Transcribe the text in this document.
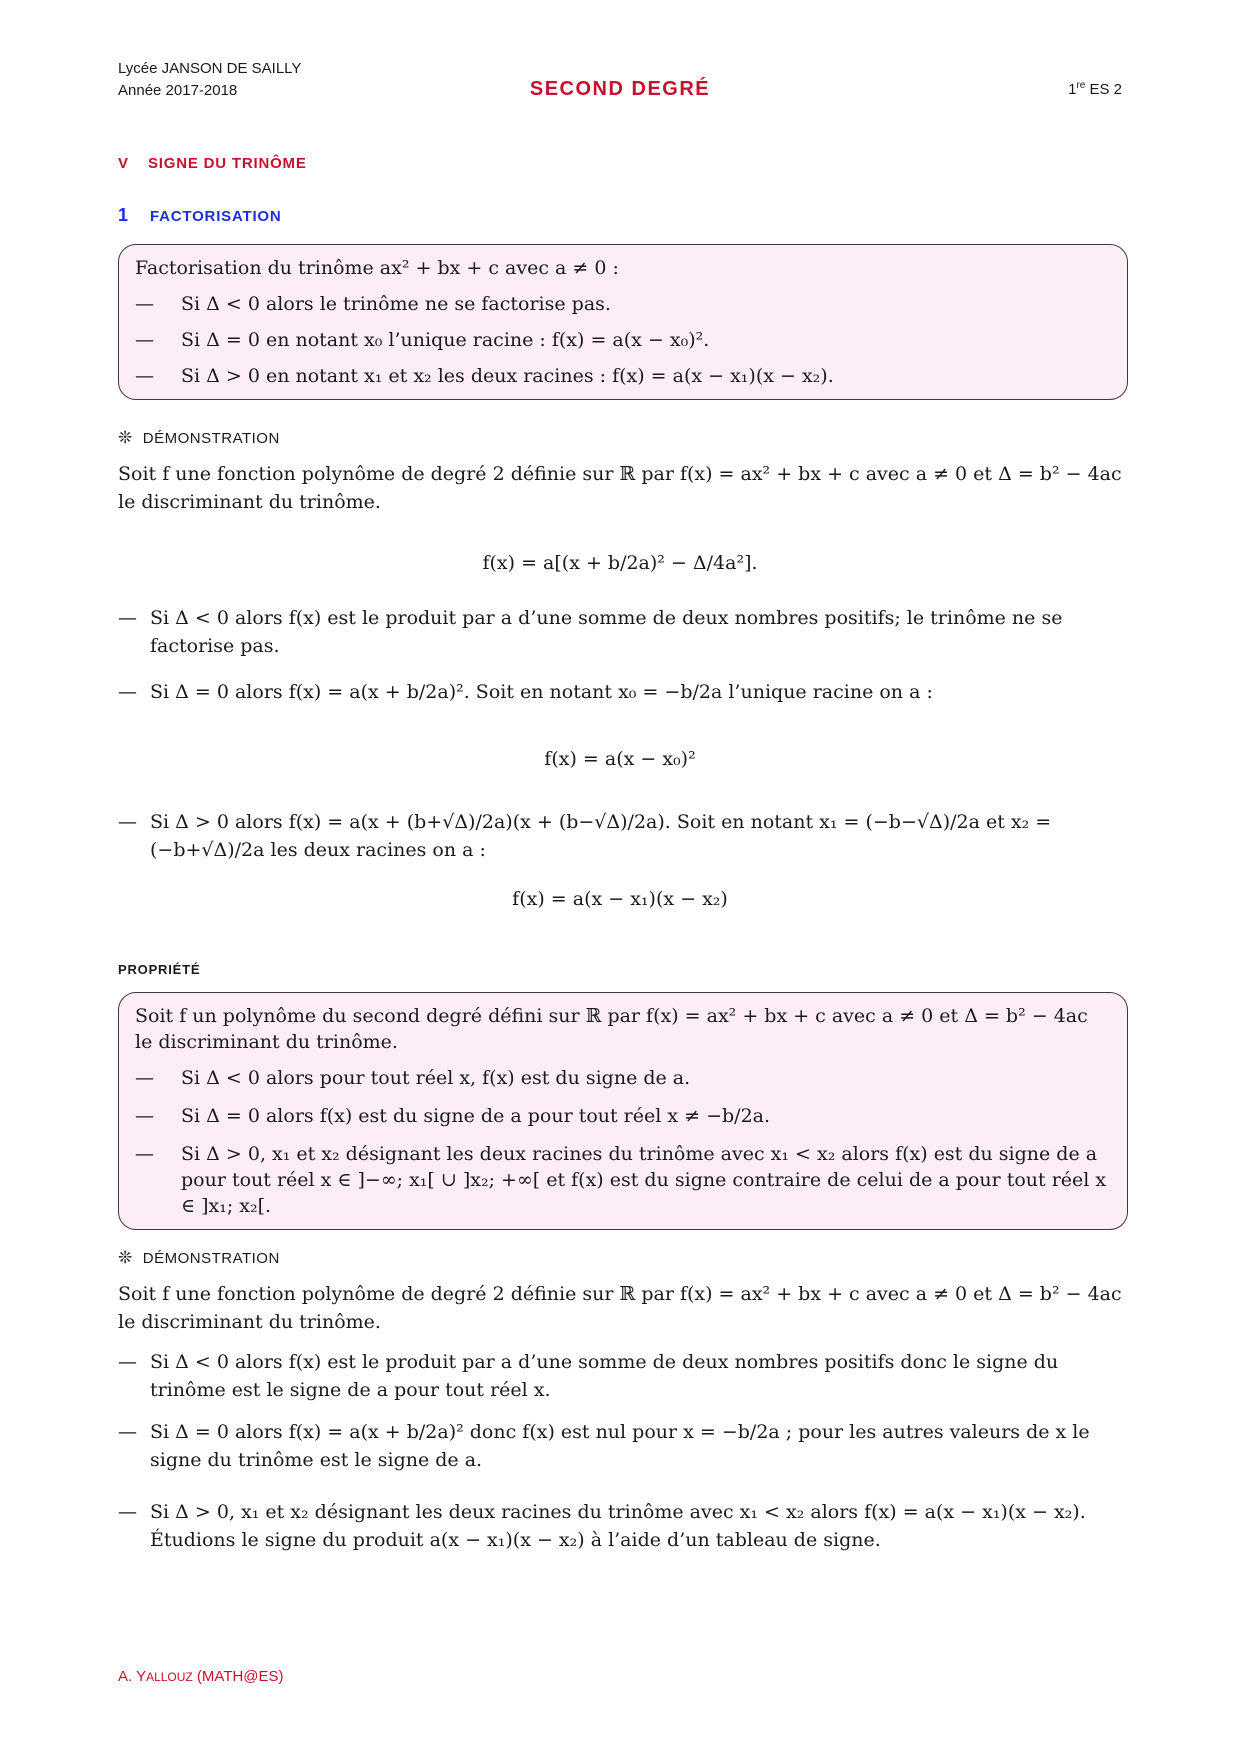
Lycée JANSON DE SAILLY
Année 2017-2018	SECOND DEGRÉ	1re ES 2
V SIGNE DU TRINÔME
1 FACTORISATION

Factorisation du trinôme ax² + bx + c avec a ≠ 0 :

— Si Δ < 0 alors le trinôme ne se factorise pas.
— Si Δ = 0 en notant x₀ l’unique racine : f(x) = a(x − x₀)².
— Si Δ > 0 en notant x₁ et x₂ les deux racines : f(x) = a(x − x₁)(x − x₂).
❊ DÉMONSTRATION
Soit f une fonction polynôme de degré 2 définie sur ℝ par f(x) = ax² + bx + c avec a ≠ 0 et Δ = b² − 4ac le discriminant du trinôme.
f(x) = a[(x + b/2a)² − Δ/4a²].
— Si Δ < 0 alors f(x) est le produit par a d’une somme de deux nombres positifs; le trinôme ne se factorise pas.
— Si Δ = 0 alors f(x) = a(x + b/2a)². Soit en notant x₀ = −b/2a l’unique racine on a :
f(x) = a(x − x₀)²
— Si Δ > 0 alors f(x) = a(x + (b+√Δ)/2a)(x + (b−√Δ)/2a). Soit en notant x₁ = (−b−√Δ)/2a et x₂ = (−b+√Δ)/2a les deux racines on a :
f(x) = a(x − x₁)(x − x₂)
PROPRIÉTÉ

Soit f un polynôme du second degré défini sur ℝ par f(x) = ax² + bx + c avec a ≠ 0 et Δ = b² − 4ac le discriminant du trinôme.

— Si Δ < 0 alors pour tout réel x, f(x) est du signe de a.
— Si Δ = 0 alors f(x) est du signe de a pour tout réel x ≠ −b/2a.
— Si Δ > 0, x₁ et x₂ désignant les deux racines du trinôme avec x₁ < x₂ alors f(x) est du signe de a pour tout réel x ∈ ]−∞; x₁[ ∪ ]x₂; +∞[ et f(x) est du signe contraire de celui de a pour tout réel x ∈ ]x₁; x₂[.
❊ DÉMONSTRATION
Soit f une fonction polynôme de degré 2 définie sur ℝ par f(x) = ax² + bx + c avec a ≠ 0 et Δ = b² − 4ac le discriminant du trinôme.
— Si Δ < 0 alors f(x) est le produit par a d’une somme de deux nombres positifs donc le signe du trinôme est le signe de a pour tout réel x.
— Si Δ = 0 alors f(x) = a(x + b/2a)² donc f(x) est nul pour x = −b/2a ; pour les autres valeurs de x le signe du trinôme est le signe de a.
— Si Δ > 0, x₁ et x₂ désignant les deux racines du trinôme avec x₁ < x₂ alors f(x) = a(x − x₁)(x − x₂). Étudions le signe du produit a(x − x₁)(x − x₂) à l’aide d’un tableau de signe.
A. YALLOUZ (MATH@ES)
